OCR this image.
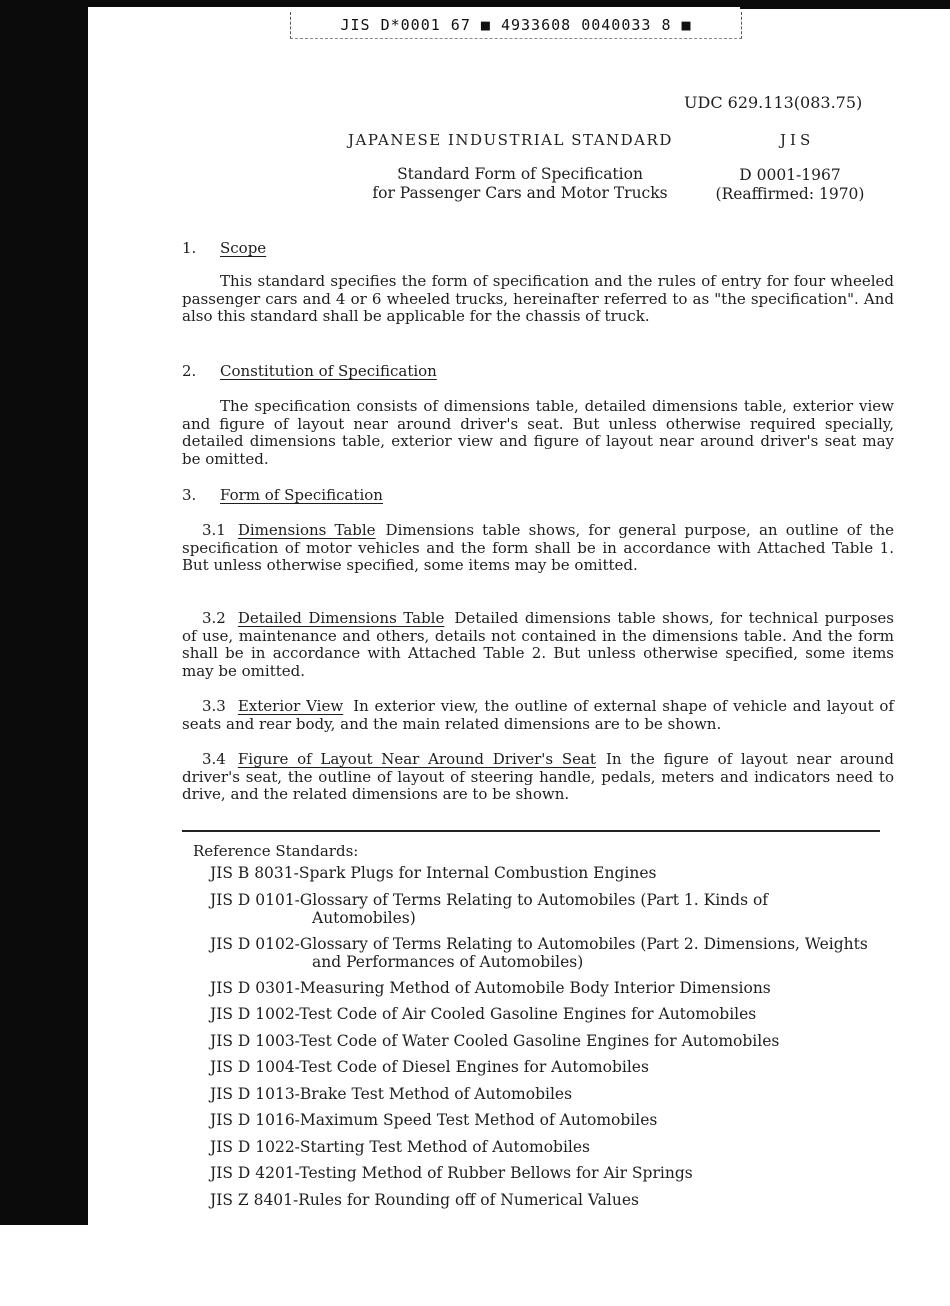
JIS D*0001 67 ■ 4933608 0040033 8 ■
UDC 629.113(083.75)
JAPANESE INDUSTRIAL STANDARD	JIS
Standard Form of Specification
for Passenger Cars and Motor Trucks
D 0001-1967
(Reaffirmed: 1970)
1. Scope

This standard specifies the form of specification and the rules of entry for four wheeled passenger cars and 4 or 6 wheeled trucks, hereinafter referred to as "the specification". And also this standard shall be applicable for the chassis of truck.

2. Constitution of Specification

The specification consists of dimensions table, detailed dimensions table, exterior view and figure of layout near around driver's seat. But unless otherwise required specially, detailed dimensions table, exterior view and figure of layout near around driver's seat may be omitted.

3. Form of Specification

3.1 Dimensions Table Dimensions table shows, for general purpose, an outline of the specification of motor vehicles and the form shall be in accordance with Attached Table 1. But unless otherwise specified, some items may be omitted.

3.2 Detailed Dimensions Table Detailed dimensions table shows, for technical purposes of use, maintenance and others, details not contained in the dimensions table. And the form shall be in accordance with Attached Table 2. But unless otherwise specified, some items may be omitted.

3.3 Exterior View In exterior view, the outline of external shape of vehicle and layout of seats and rear body, and the main related dimensions are to be shown.

3.4 Figure of Layout Near Around Driver's Seat In the figure of layout near around driver's seat, the outline of layout of steering handle, pedals, meters and indicators need to drive, and the related dimensions are to be shown.

Reference Standards:
JIS B 8031-Spark Plugs for Internal Combustion Engines
JIS D 0101-Glossary of Terms Relating to Automobiles (Part 1. Kinds of Automobiles)
JIS D 0102-Glossary of Terms Relating to Automobiles (Part 2. Dimensions, Weights and Performances of Automobiles)
JIS D 0301-Measuring Method of Automobile Body Interior Dimensions
JIS D 1002-Test Code of Air Cooled Gasoline Engines for Automobiles
JIS D 1003-Test Code of Water Cooled Gasoline Engines for Automobiles
JIS D 1004-Test Code of Diesel Engines for Automobiles
JIS D 1013-Brake Test Method of Automobiles
JIS D 1016-Maximum Speed Test Method of Automobiles
JIS D 1022-Starting Test Method of Automobiles
JIS D 4201-Testing Method of Rubber Bellows for Air Springs
JIS Z 8401-Rules for Rounding off of Numerical Values
